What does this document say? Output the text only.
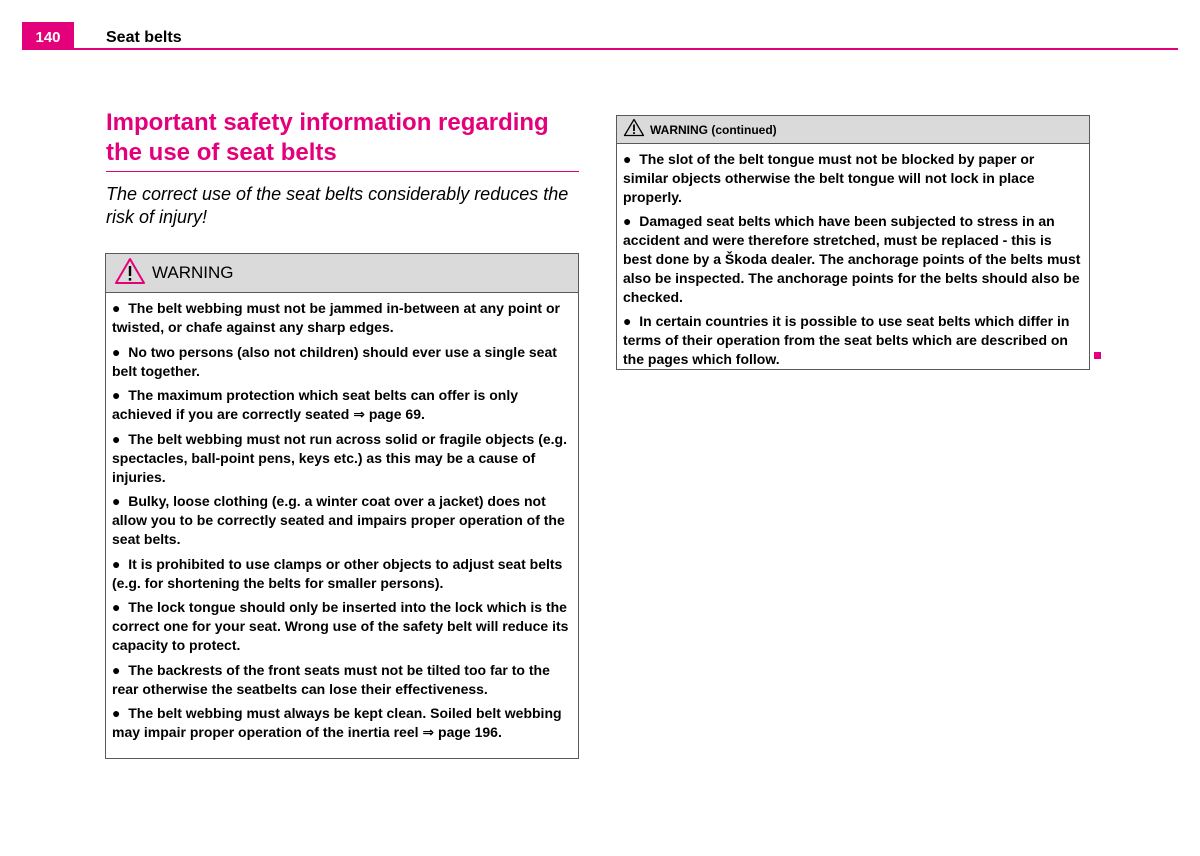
140	Seat belts
Important safety information regarding the use of seat belts

The correct use of the seat belts considerably reduces the risk of injury!

WARNING
● The belt webbing must not be jammed in-between at any point or twisted, or chafe against any sharp edges.
● No two persons (also not children) should ever use a single seat belt together.
● The maximum protection which seat belts can offer is only achieved if you are correctly seated ⇒ page 69.
● The belt webbing must not run across solid or fragile objects (e.g. spectacles, ball-point pens, keys etc.) as this may be a cause of injuries.
● Bulky, loose clothing (e.g. a winter coat over a jacket) does not allow you to be correctly seated and impairs proper operation of the seat belts.
● It is prohibited to use clamps or other objects to adjust seat belts (e.g. for shortening the belts for smaller persons).
● The lock tongue should only be inserted into the lock which is the correct one for your seat. Wrong use of the safety belt will reduce its capacity to protect.
● The backrests of the front seats must not be tilted too far to the rear otherwise the seatbelts can lose their effectiveness.
● The belt webbing must always be kept clean. Soiled belt webbing may impair proper operation of the inertia reel ⇒ page 196.
WARNING (continued)
● The slot of the belt tongue must not be blocked by paper or similar objects otherwise the belt tongue will not lock in place properly.
● Damaged seat belts which have been subjected to stress in an accident and were therefore stretched, must be replaced - this is best done by a Škoda dealer. The anchorage points of the belts must also be inspected. The anchorage points for the belts should also be checked.
● In certain countries it is possible to use seat belts which differ in terms of their operation from the seat belts which are described on the pages which follow.
